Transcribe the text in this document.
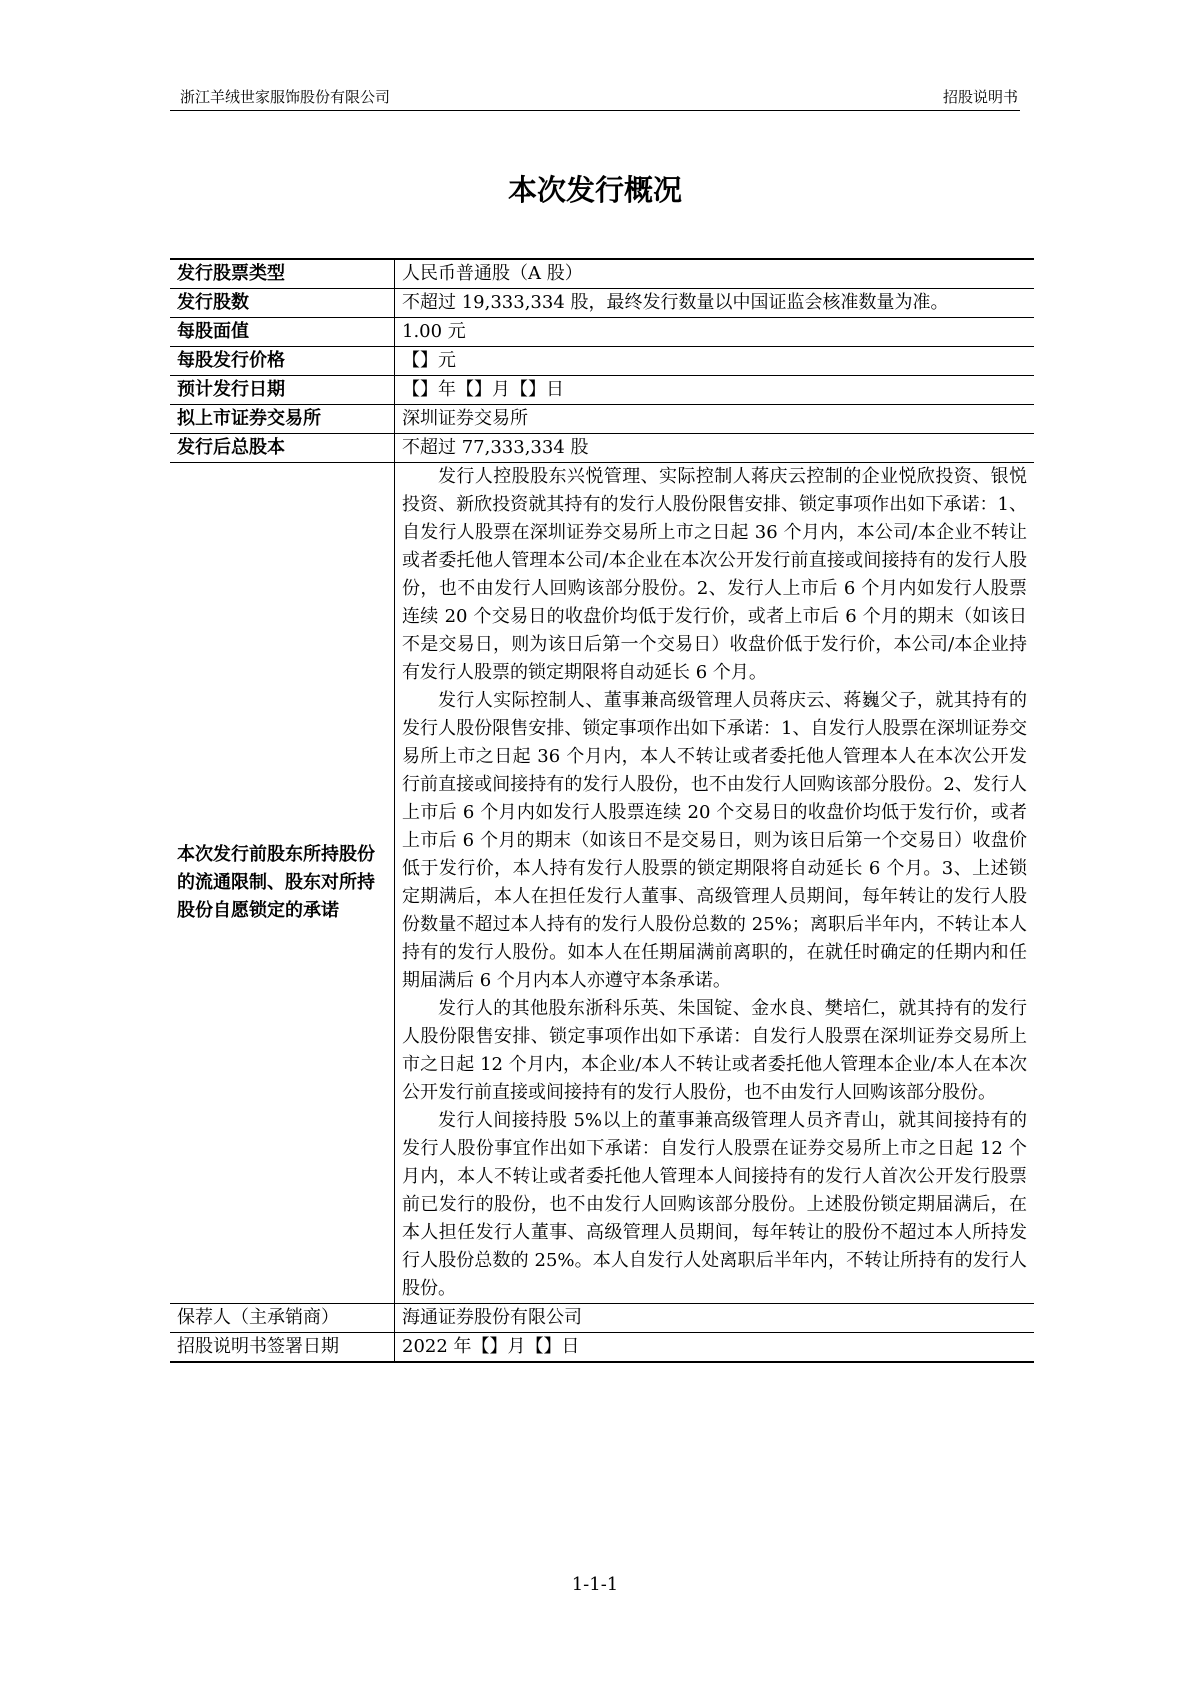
浙江羊绒世家服饰股份有限公司	招股说明书
本次发行概况
发行股票类型	人民币普通股（A 股）
发行股数	不超过 19,333,334 股，最终发行数量以中国证监会核准数量为准。
每股面值	1.00 元
每股发行价格	【】元
预计发行日期	【】年【】月【】日
拟上市证券交易所	深圳证券交易所
发行后总股本	不超过 77,333,334 股
本次发行前股东所持股份的流通限制、股东对所持股份自愿锁定的承诺	发行人控股股东兴悦管理、实际控制人蒋庆云控制的企业悦欣投资、银悦投资、新欣投资就其持有的发行人股份限售安排、锁定事项作出如下承诺：1、自发行人股票在深圳证券交易所上市之日起 36 个月内，本公司/本企业不转让或者委托他人管理本公司/本企业在本次公开发行前直接或间接持有的发行人股份，也不由发行人回购该部分股份。2、发行人上市后 6 个月内如发行人股票连续 20 个交易日的收盘价均低于发行价，或者上市后 6 个月的期末（如该日不是交易日，则为该日后第一个交易日）收盘价低于发行价，本公司/本企业持有发行人股票的锁定期限将自动延长 6 个月。

发行人实际控制人、董事兼高级管理人员蒋庆云、蒋巍父子，就其持有的发行人股份限售安排、锁定事项作出如下承诺：1、自发行人股票在深圳证券交易所上市之日起 36 个月内，本人不转让或者委托他人管理本人在本次公开发行前直接或间接持有的发行人股份，也不由发行人回购该部分股份。2、发行人上市后 6 个月内如发行人股票连续 20 个交易日的收盘价均低于发行价，或者上市后 6 个月的期末（如该日不是交易日，则为该日后第一个交易日）收盘价低于发行价，本人持有发行人股票的锁定期限将自动延长 6 个月。3、上述锁定期满后，本人在担任发行人董事、高级管理人员期间，每年转让的发行人股份数量不超过本人持有的发行人股份总数的 25%；离职后半年内，不转让本人持有的发行人股份。如本人在任期届满前离职的，在就任时确定的任期内和任期届满后 6 个月内本人亦遵守本条承诺。

发行人的其他股东浙科乐英、朱国锭、金水良、樊培仁，就其持有的发行人股份限售安排、锁定事项作出如下承诺：自发行人股票在深圳证券交易所上市之日起 12 个月内，本企业/本人不转让或者委托他人管理本企业/本人在本次公开发行前直接或间接持有的发行人股份，也不由发行人回购该部分股份。

发行人间接持股 5%以上的董事兼高级管理人员齐青山，就其间接持有的发行人股份事宜作出如下承诺：自发行人股票在证券交易所上市之日起 12 个月内，本人不转让或者委托他人管理本人间接持有的发行人首次公开发行股票前已发行的股份，也不由发行人回购该部分股份。上述股份锁定期届满后，在本人担任发行人董事、高级管理人员期间，每年转让的股份不超过本人所持发行人股份总数的 25%。本人自发行人处离职后半年内，不转让所持有的发行人股份。

保荐人（主承销商）	海通证券股份有限公司
招股说明书签署日期	2022 年【】月【】日
1-1-1
